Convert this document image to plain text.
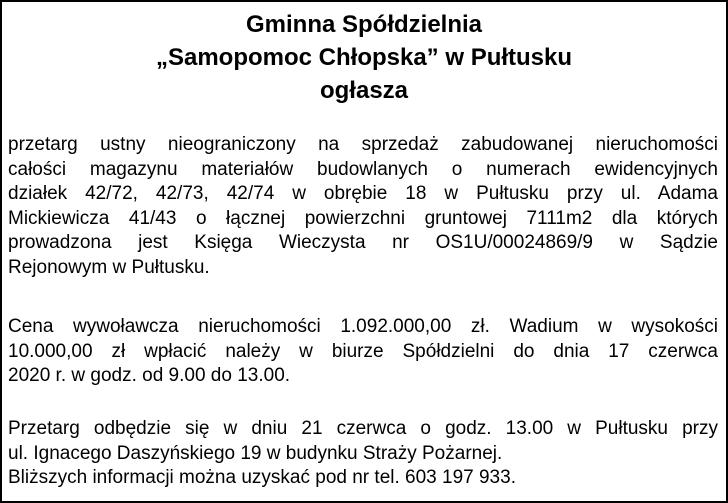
Gminna Spółdzielnia
„Samopomoc Chłopska” w Pułtusku
ogłasza
przetarg ustny nieograniczony na sprzedaż zabudowanej nieruchomości
całości magazynu materiałów budowlanych o numerach ewidencyjnych
działek 42/72, 42/73, 42/74 w obrębie 18 w Pułtusku przy ul. Adama
Mickiewicza 41/43 o łącznej powierzchni gruntowej 7111m2 dla których
prowadzona jest Księga Wieczysta nr OS1U/00024869/9 w Sądzie
Rejonowym w Pułtusku.
Cena wywoławcza nieruchomości 1.092.000,00 zł. Wadium w wysokości
10.000,00 zł wpłacić należy w biurze Spółdzielni do dnia 17 czerwca
2020 r. w godz. od 9.00 do 13.00.
Przetarg odbędzie się w dniu 21 czerwca o godz. 13.00 w Pułtusku przy
ul. Ignacego Daszyńskiego 19 w budynku Straży Pożarnej.
Bliższych informacji można uzyskać pod nr tel. 603 197 933.
